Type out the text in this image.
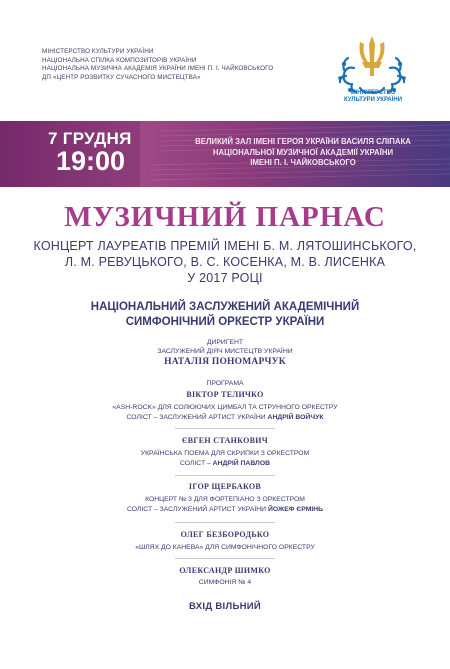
МІНІСТЕРСТВО КУЛЬТУРИ УКРАЇНИ
НАЦІОНАЛЬНА СПІЛКА КОМПОЗИТОРІВ УКРАЇНИ
НАЦІОНАЛЬНА МУЗИЧНА АКАДЕМІЯ УКРАЇНИ ІМЕНІ П. І. ЧАЙКОВСЬКОГО
ДП «ЦЕНТР РОЗВИТКУ СУЧАСНОГО МИСТЕЦТВА»
МІНІСТЕРСТВО
КУЛЬТУРИ УКРАЇНИ
7 ГРУДНЯ
19:00
ВЕЛИКИЙ ЗАЛ ІМЕНІ ГЕРОЯ УКРАЇНИ ВАСИЛЯ СЛІПАКА
НАЦІОНАЛЬНОЇ МУЗИЧНОЇ АКАДЕМІЇ УКРАЇНИ
ІМЕНІ П. І. ЧАЙКОВСЬКОГО
МУЗИЧНИЙ ПАРНАС
КОНЦЕРТ ЛАУРЕАТІВ ПРЕМІЙ ІМЕНІ Б. М. ЛЯТОШИНСЬКОГО,
Л. М. РЕВУЦЬКОГО, В. С. КОСЕНКА, М. В. ЛИСЕНКА
У 2017 РОЦІ
НАЦІОНАЛЬНИЙ ЗАСЛУЖЕНИЙ АКАДЕМІЧНИЙ
СИМФОНІЧНИЙ ОРКЕСТР УКРАЇНИ
ДИРИГЕНТ
ЗАСЛУЖЕНИЙ ДІЯЧ МИСТЕЦТВ УКРАЇНИ
НАТАЛІЯ ПОНОМАРЧУК
ПРОГРАМА
ВІКТОР ТЕЛИЧКО
«ASH-ROCK» ДЛЯ СОЛЮЮЧИХ ЦИМБАЛ ТА СТРУННОГО ОРКЕСТРУ
СОЛІСТ – ЗАСЛУЖЕНИЙ АРТИСТ УКРАЇНИ АНДРІЙ ВОЙЧУК
ЄВГЕН СТАНКОВИЧ
УКРАЇНСЬКА ПОЕМА ДЛЯ СКРИПКИ З ОРКЕСТРОМ
СОЛІСТ – АНДРІЙ ПАВЛОВ
ІГОР ЩЕРБАКОВ
КОНЦЕРТ № 3 ДЛЯ ФОРТЕПІАНО З ОРКЕСТРОМ
СОЛІСТ – ЗАСЛУЖЕНИЙ АРТИСТ УКРАЇНИ ЙОЖЕФ ЄРМІНЬ
ОЛЕГ БЕЗБОРОДЬКО
«ШЛЯХ ДО КАНЕВА» ДЛЯ СИМФОНІЧНОГО ОРКЕСТРУ
ОЛЕКСАНДР ШИМКО
СИМФОНІЯ № 4
ВХІД ВІЛЬНИЙ
